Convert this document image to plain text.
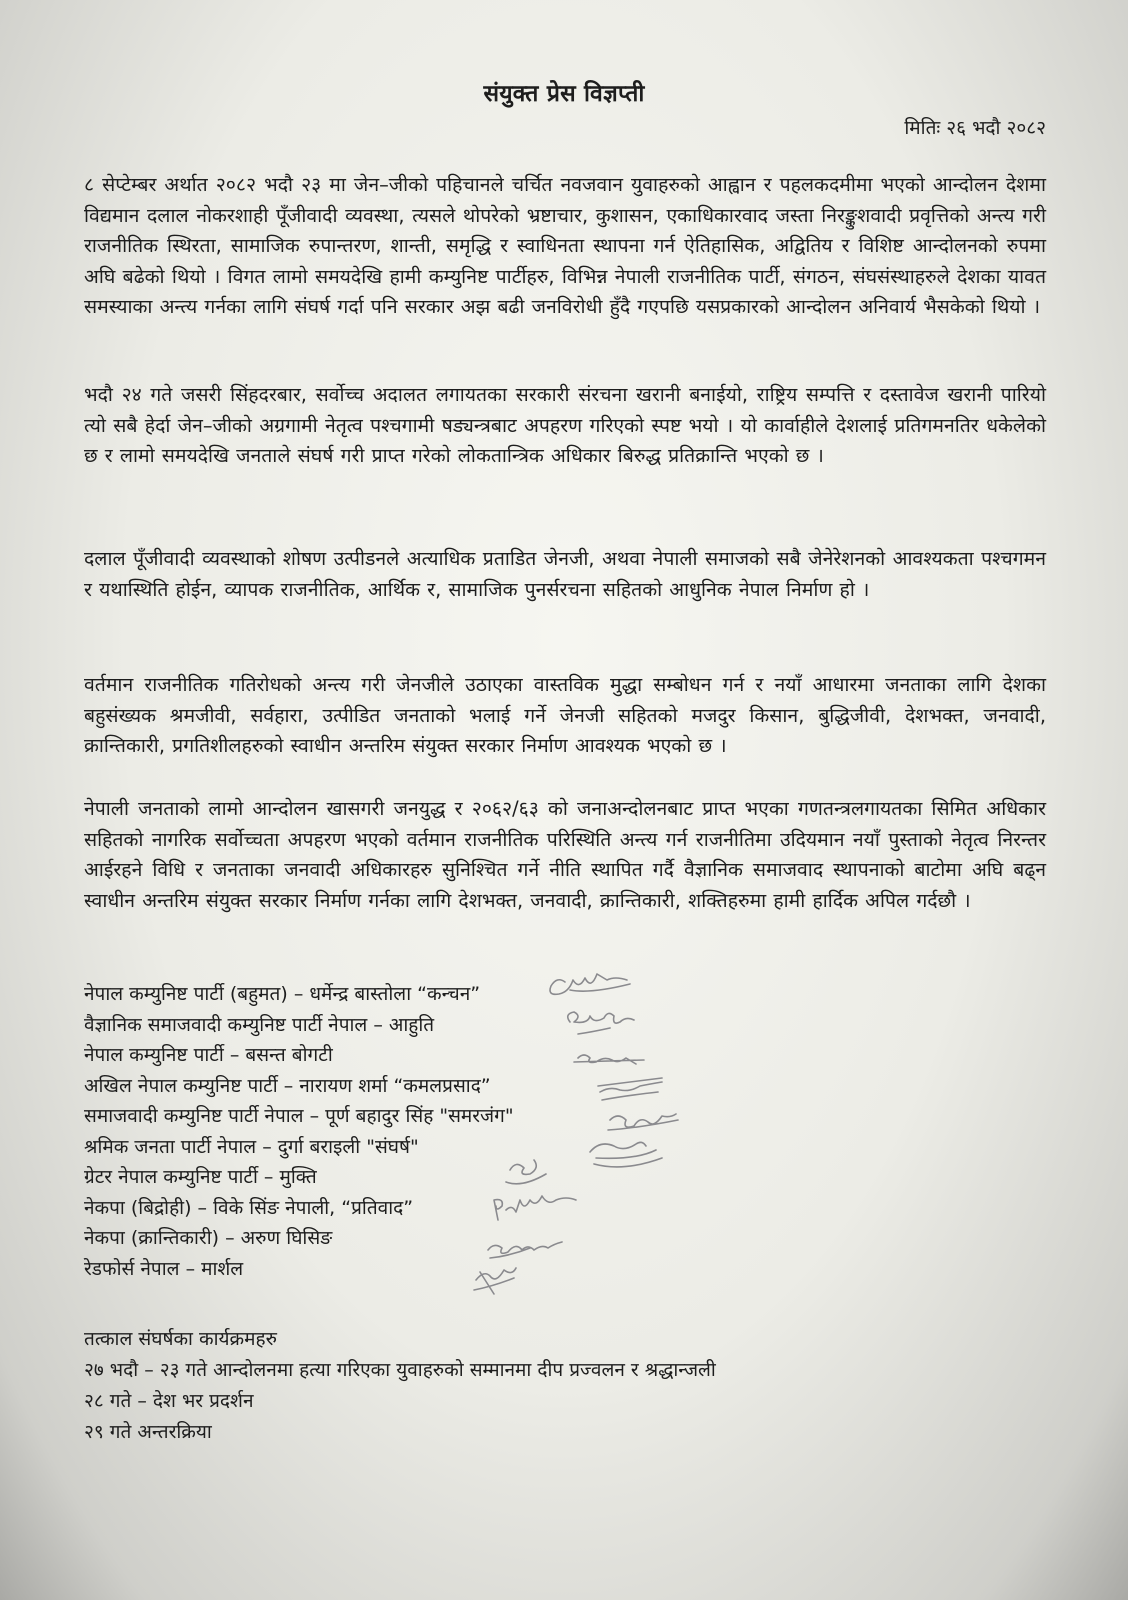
संयुक्त प्रेस विज्ञप्ती
मितिः २६ भदौ २०८२

८ सेप्टेम्बर अर्थात २०८२ भदौ २३ मा जेन–जीको पहिचानले चर्चित नवजवान युवाहरुको आह्वान र पहलकदमीमा भएको आन्दोलन देशमा विद्यमान दलाल नोकरशाही पूँजीवादी व्यवस्था, त्यसले थोपरेको भ्रष्टाचार, कुशासन, एकाधिकारवाद जस्ता निरङ्कुशवादी प्रवृत्तिको अन्त्य गरी राजनीतिक स्थिरता, सामाजिक रुपान्तरण, शान्ती, समृद्धि र स्वाधिनता स्थापना गर्न ऐतिहासिक, अद्वितिय र विशिष्ट आन्दोलनको रुपमा अघि बढेको थियो । विगत लामो समयदेखि हामी कम्युनिष्ट पार्टीहरु, विभिन्न नेपाली राजनीतिक पार्टी, संगठन, संघसंस्थाहरुले देशका यावत समस्याका अन्त्य गर्नका लागि संघर्ष गर्दा पनि सरकार अझ बढी जनविरोधी हुँदै गएपछि यसप्रकारको आन्दोलन अनिवार्य भैसकेको थियो ।

भदौ २४ गते जसरी सिंहदरबार, सर्वोच्च अदालत लगायतका सरकारी संरचना खरानी बनाईयो, राष्ट्रिय सम्पत्ति र दस्तावेज खरानी पारियो त्यो सबै हेर्दा जेन–जीको अग्रगामी नेतृत्व पश्चगामी षड्यन्त्रबाट अपहरण गरिएको स्पष्ट भयो । यो कार्वाहीले देशलाई प्रतिगमनतिर धकेलेको छ र लामो समयदेखि जनताले संघर्ष गरी प्राप्त गरेको लोकतान्त्रिक अधिकार बिरुद्ध प्रतिक्रान्ति भएको छ ।

दलाल पूँजीवादी व्यवस्थाको शोषण उत्पीडनले अत्याधिक प्रताडित जेनजी, अथवा नेपाली समाजको सबै जेनेरेशनको आवश्यकता पश्चगमन र यथास्थिति होईन, व्यापक राजनीतिक, आर्थिक र, सामाजिक पुनर्सरचना सहितको आधुनिक नेपाल निर्माण हो ।

वर्तमान राजनीतिक गतिरोधको अन्त्य गरी जेनजीले उठाएका वास्तविक मुद्धा सम्बोधन गर्न र नयाँ आधारमा जनताका लागि देशका बहुसंख्यक श्रमजीवी, सर्वहारा, उत्पीडित जनताको भलाई गर्ने जेनजी सहितको मजदुर किसान, बुद्धिजीवी, देशभक्त, जनवादी, क्रान्तिकारी, प्रगतिशीलहरुको स्वाधीन अन्तरिम संयुक्त सरकार निर्माण आवश्यक भएको छ ।

नेपाली जनताको लामो आन्दोलन खासगरी जनयुद्ध र २०६२/६३ को जनाअन्दोलनबाट प्राप्त भएका गणतन्त्रलगायतका सिमित अधिकार सहितको नागरिक सर्वोच्चता अपहरण भएको वर्तमान राजनीतिक परिस्थिति अन्त्य गर्न राजनीतिमा उदियमान नयाँ पुस्ताको नेतृत्व निरन्तर आईरहने विधि र जनताका जनवादी अधिकारहरु सुनिश्चित गर्ने नीति स्थापित गर्दै वैज्ञानिक समाजवाद स्थापनाको बाटोमा अघि बढ्न स्वाधीन अन्तरिम संयुक्त सरकार निर्माण गर्नका लागि देशभक्त, जनवादी, क्रान्तिकारी, शक्तिहरुमा हामी हार्दिक अपिल गर्दछौ ।

नेपाल कम्युनिष्ट पार्टी (बहुमत) – धर्मेन्द्र बास्तोला “कन्चन”
वैज्ञानिक समाजवादी कम्युनिष्ट पार्टी नेपाल – आहुति
नेपाल कम्युनिष्ट पार्टी – बसन्त बोगटी
अखिल नेपाल कम्युनिष्ट पार्टी – नारायण शर्मा “कमलप्रसाद”
समाजवादी कम्युनिष्ट पार्टी नेपाल – पूर्ण बहादुर सिंह "समरजंग"
श्रमिक जनता पार्टी नेपाल – दुर्गा बराइली "संघर्ष"
ग्रेटर नेपाल कम्युनिष्ट पार्टी – मुक्ति
नेकपा (बिद्रोही) – विके सिंङ नेपाली, “प्रतिवाद”
नेकपा (क्रान्तिकारी) – अरुण घिसिङ
रेडफोर्स नेपाल – मार्शल
तत्काल संघर्षका कार्यक्रमहरु
२७ भदौ – २३ गते आन्दोलनमा हत्या गरिएका युवाहरुको सम्मानमा दीप प्रज्वलन र श्रद्धान्जली
२८ गते – देश भर प्रदर्शन
२९ गते अन्तरक्रिया
